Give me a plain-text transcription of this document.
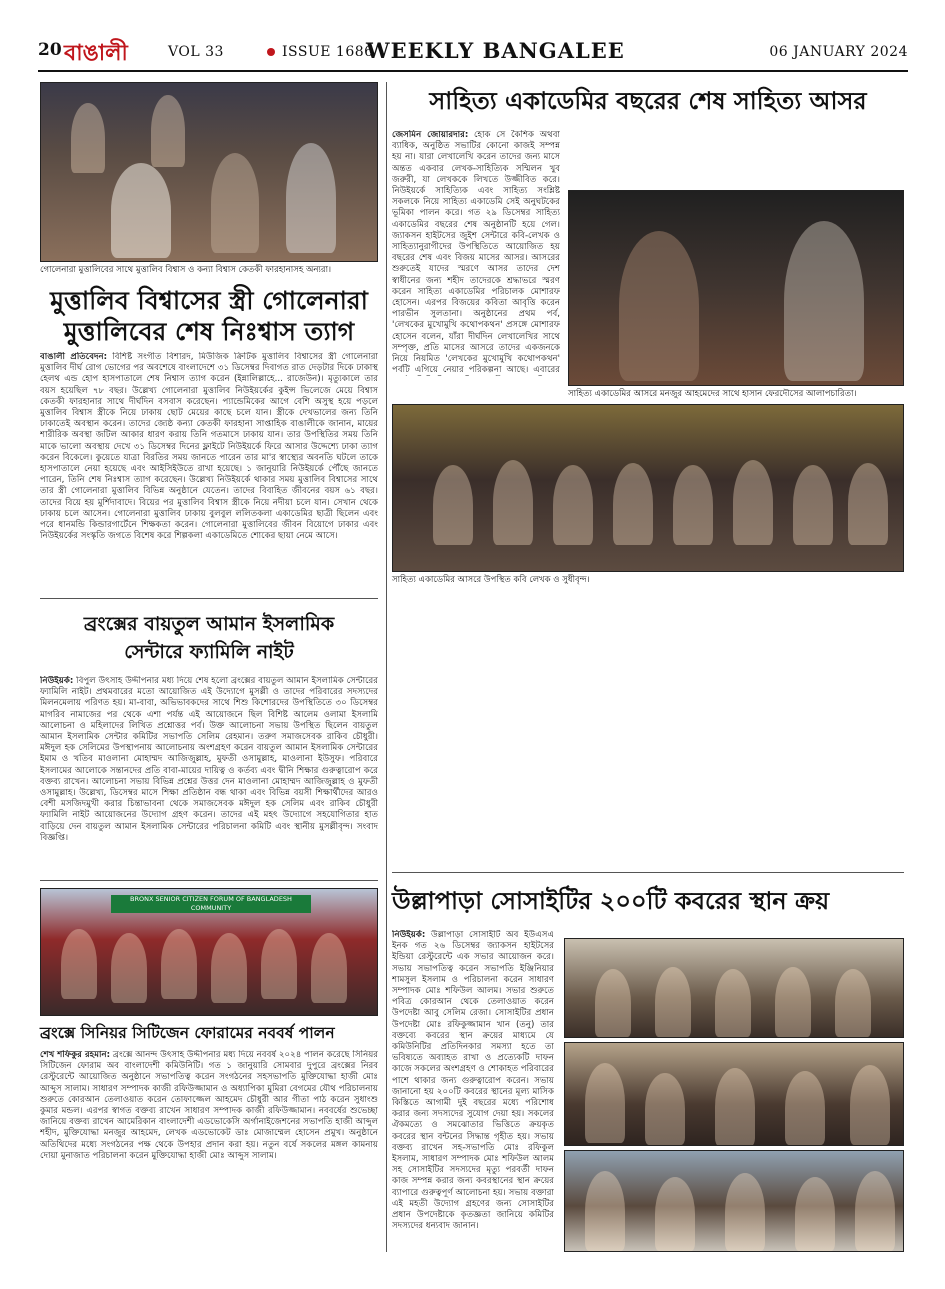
20 বাঙালী	VOL 33	ISSUE 1686
WEEKLY BANGALEE	06 JANUARY 2024
গোলেনারা মুত্তালিবের সাথে মুত্তালিব বিশ্বাস ও কন্যা বিশ্বাস কেতকী ফারহানাসহ অন্যরা।
মুত্তালিব বিশ্বাসের স্ত্রী গোলেনারা
মুত্তালিবের শেষ নিঃশ্বাস ত্যাগ
বাঙালী প্রতিবেদন: বিশিষ্ট সংগীত বিশারদ, মিউজিক ক্রিটিক মুত্তালিব বিশ্বাসের স্ত্রী গোলেনারা মুত্তালিব দীর্ঘ রোগ ভোগের পর অবশেষে বাংলাদেশে ৩১ ডিসেম্বর দিবাগত রাত দেড়টার দিকে ঢাকাস্থ হেলথ এন্ড হোপ হাসপাতালে শেষ নিশ্বাস ত্যাগ করেন (ইন্নালিল্লাহে... রাজেউন)। মৃত্যুকালে তার বয়স হয়েছিল ৭৮ বছর। উল্লেখ্য গোলেনারা মুত্তালিব নিউইয়র্কের কুইন্স ভিলেজে মেয়ে বিশ্বাস কেতকী ফারহানার সাথে দীর্ঘদিন বসবাস করেছেন। প্যান্ডেমিকের আগে বেশি অসুস্থ হয়ে পড়লে মুত্তালিব বিশ্বাস স্ত্রীকে নিয়ে ঢাকায় ছোট মেয়ের কাছে চলে যান। স্ত্রীকে দেখভালের জন্য তিনি ঢাকাতেই অবস্থান করেন। তাদের জ্যেষ্ঠ কন্যা কেতকী ফারহানা সাপ্তাহিক বাঙালীকে জানান, মায়ের শারীরিক অবস্থা জটিল আকার ধারণ করায় তিনি গতমাসে ঢাকায় যান। তার উপস্থিতির সময় তিনি মাকে ভালো অবস্থায় দেখে ৩১ ডিসেম্বর দিনের ফ্লাইটে নিউইয়র্কে ফিরে আসার উদ্দেশ্যে ঢাকা ত্যাগ করেন বিকেলে। কুয়েতে যাত্রা বিরতির সময় জানতে পারেন তার মা'র স্বাস্থ্যের অবনতি ঘটলে তাকে হাসপাতালে নেয়া হয়েছে এবং আইসিইউতে রাখা হয়েছে। ১ জানুয়ারি নিউইয়র্কে পৌঁছে জানতে পারেন, তিনি শেষ নিঃশ্বাস ত্যাগ করেছেন। উল্লেখ্য নিউইয়র্কে থাকার সময় মুত্তালিব বিশ্বাসের সাথে তার স্ত্রী গোলেনারা মুত্তালিব বিভিন্ন অনুষ্ঠানে যেতেন। তাদের বিবাহিত জীবনের বয়স ৬১ বছর। তাদের বিয়ে হয় মুর্শিদাবাদে। বিয়ের পর মুত্তালিব বিশ্বাস স্ত্রীকে নিয়ে নদীয়া চলে যান। সেখান থেকে ঢাকায় চলে আসেন। গোলেনারা মুত্তালিব ঢাকায় বুলবুল ললিতকলা একাডেমির ছাত্রী ছিলেন এবং পরে ধানমন্ডি কিন্ডারগার্টেনে শিক্ষকতা করেন। গোলেনারা মুত্তালিবের জীবন বিয়োগে ঢাকার এবং নিউইয়র্কের সংস্কৃতি জগতে বিশেষ করে শিল্পকলা একাডেমিতে শোকের ছায়া নেমে আসে।
ব্রংক্সের বায়তুল আমান ইসলামিক
সেন্টারে ফ্যামিলি নাইট
নিউইয়র্ক: বিপুল উৎসাহ উদ্দীপনার মধ্য দিয়ে শেষ হলো ব্রংক্সের বায়তুল আমান ইসলামিক সেন্টারের ফ্যামিলি নাইট। প্রথমবারের মতো আয়োজিত এই উদ্যোগে মুসল্লী ও তাদের পরিবারের সদস্যদের মিলনমেলায় পরিণত হয়। মা-বাবা, অভিভাবকদের সাথে শিশু কিশোরদের উপস্থিতিতে ৩০ ডিসেম্বর মাগরিব নামাজের পর থেকে এশা পর্যন্ত এই আয়োজনে ছিল বিশিষ্ট আলেম ওলামা ইসলামি আলোচনা ও মহিলাদের লিখিত প্রশ্নোত্তর পর্ব। উক্ত আলোচনা সভায় উপস্থিত ছিলেন বায়তুল আমান ইসলামিক সেন্টার কমিটির সভাপতি সেলিম রেহমান। তরুণ সমাজসেবক রাকিব চৌধুরী। মঈদুল হক সেলিমের উপস্থাপনায় আলোচনায় অংশগ্রহণ করেন বায়তুল আমান ইসলামিক সেন্টারের ইমাম ও খতিব মাওলানা মোহাম্মদ আজিজুল্লাহ, মুফতী ওসামুল্লাহ, মাওলানা ইউসুফ। পরিবারে ইসলামের আলোকে সন্তানদের প্রতি বাবা-মায়ের দায়িত্ব ও কর্তব্য এবং দ্বীনি শিক্ষার গুরুত্বারোপ করে বক্তব্য রাখেন। আলোচনা সভায় বিভিন্ন প্রশ্নের উত্তর দেন মাওলানা মোহাম্মদ আজিজুল্লাহ ও মুফতী ওসামুল্লাহ। উল্লেখ্য, ডিসেম্বর মাসে শিক্ষা প্রতিষ্ঠান বন্ধ থাকা এবং বিভিন্ন বয়সী শিক্ষার্থীদের আরও বেশী মসজিদমুখী করার চিন্তাভাবনা থেকে সমাজসেবক মঈদুল হক সেলিম এবং রাকিব চৌধুরী ফ্যামিলি নাইট আয়োজনের উদ্যোগ গ্রহণ করেন। তাদের এই মহৎ উদ্যোগে সহযোগিতার হাত বাড়িয়ে দেন বায়তুল আমান ইসলামিক সেন্টারের পরিচালনা কমিটি এবং স্থানীয় মুসল্লীবৃন্দ। সংবাদ বিজ্ঞপ্তি।
BRONX SENIOR CITIZEN FORUM OF BANGLADESH COMMUNITY
ব্রংক্সে সিনিয়র সিটিজেন ফোরামের নববর্ষ পালন
শেখ শফিকুর রহমান: ব্রংক্সে আনন্দ উৎসাহ উদ্দীপনার মধ্য দিয়ে নববর্ষ ২০২৪ পালন করেছে সিনিয়র সিটিজেন ফোরাম অব বাংলাদেশী কমিউনিটি। গত ১ জানুয়ারি সোমবার দুপুরে ব্রংক্সের নিরব রেস্টুরেন্টে আয়োজিত অনুষ্ঠানে সভাপতিত্ব করেন সংগঠনের সহসভাপতি মুক্তিযোদ্ধা হাজী মোঃ আব্দুস সালাম। সাধারণ সম্পাদক কাজী রফিউজ্জামান ও অধ্যাপিকা মুমিরা বেগমের যৌথ পরিচালনায় শুরুতে কোরআন তেলাওয়াত করেন তোফাজ্জেল আহমেদ চৌধুরী আর গীতা পাঠ করেন সুধাংশু কুমার মন্ডল। এরপর স্বাগত বক্তব্য রাখেন সাধারণ সম্পাদক কাজী রফিউজ্জামান। নববর্ষের শুভেচ্ছা জানিয়ে বক্তব্য রাখেন আমেরিকান বাংলাদেশী এডভোকেসি অর্গানাইজেশনের সভাপতি হাজী আব্দুল শহীদ, মুক্তিযোদ্ধা মনজুর আহমেদ, লেখক এডভোকেট ডাঃ মোজাম্মেল হোসেন প্রমুখ। অনুষ্ঠানে অতিথিদের মধ্যে সংগঠনের পক্ষ থেকে উপহার প্রদান করা হয়। নতুন বর্ষে সকলের মঙ্গল কামনায় দোয়া মুনাজাত পরিচালনা করেন মুক্তিযোদ্ধা হাজী মোঃ আব্দুস সালাম।
সাহিত্য একাডেমির বছরের শেষ সাহিত্য আসর
জেসমিন জোয়ারদার: হোক সে কৈশিক অথবা ব্যাধিক, অনুষ্ঠিত সভাটির কোনো কাজই সম্পন্ন হয় না। যারা লেখালেখি করেন তাদের জন্য মাসে অন্তত একবার লেখক-সাহিত্যিক সম্মিলন খুব জরুরী, যা লেখককে লিখতে উজ্জীবিত করে। নিউইয়র্কে সাহিত্যিক এবং সাহিত্য সংশ্লিষ্ট সকলকে নিয়ে সাহিত্য একাডেমি সেই অনুঘটকের ভূমিকা পালন করে। গত ২৯ ডিসেম্বর সাহিত্য একাডেমির বছরের শেষ অনুষ্ঠানটি হয়ে গেল। জ্যাকসন হাইটসের জুইশ সেন্টারে কবি-লেখক ও সাহিত্যানুরাগীদের উপস্থিতিতে আয়োজিত হয় বছরের শেষ এবং বিজয় মাসের আসর। আসরের শুরুতেই যাদের স্মরণে আসর তাদের দেশ স্বাধীনের জন্য শহীদ তাদেরকে শ্রদ্ধাভরে স্মরণ করেন সাহিত্য একাডেমির পরিচালক মোশারফ হোসেন। এরপর বিজয়ের কবিতা আবৃত্তি করেন পারভীন সুলতানা। অনুষ্ঠানের প্রথম পর্ব, 'লেখকের মুখোমুখি কথোপকথন' প্রসঙ্গে মোশারফ হোসেন বলেন, যাঁরা দীর্ঘদিন লেখালেখির সাথে সম্পৃক্ত, প্রতি মাসের আসরে তাদের একজনকে নিয়ে নিয়মিত 'লেখকের মুখোমুখি কথোপকথন' পর্বটি এগিয়ে নেয়ার পরিকল্পনা আছে। এবারের
সাহিত্য একাডেমির আসরে মনজুর আহমেদের সাথে হাসান ফেরদৌসের আলাপচারিতা।
সাহিত্য একাডেমির আসরে উপস্থিত কবি লেখক ও সুধীবৃন্দ।
উল্লাপাড়া সোসাইটির ২০০টি কবরের স্থান ক্রয়
নিউইয়র্ক: উল্লাপাড়া সোসাইটি অব ইউএসএ ইনক গত ২৬ ডিসেম্বর জ্যাকসন হাইটসের ইন্ডিয়া রেস্টুরেন্টে এক সভার আয়োজন করে। সভায় সভাপতিত্ব করেন সভাপতি ইঞ্জিনিয়ার শামসুল ইসলাম ও পরিচালনা করেন সাধারণ সম্পাদক মোঃ শফিউল আলম। সভার শুরুতে পবিত্র কোরআন থেকে তেলাওয়াত করেন উপদেষ্টা আবু সেলিম রেজা। সোসাইটির প্রধান উপদেষ্টা মোঃ রফিকুজ্জামান খান (তনু) তার বক্তব্যে কবরের স্থান ক্রয়ের মাধ্যমে যে কমিউনিটির প্রতিদিনকার সমস্যা হতে তা ভবিষ্যতে অব্যাহত রাখা ও প্রত্যেকটি দাফন কাজে সকলের অংশগ্রহণ ও শোকাহত পরিবারের পাশে থাকার জন্য গুরুত্বারোপ করেন। সভায় জানানো হয় ২০০টি কবরের স্থানের মূল্য মাসিক কিস্তিতে আগামী দুই বছরের মধ্যে পরিশোধ করার জন্য সদস্যদের সুযোগ দেয়া হয়। সকলের ঐকমত্যে ও সমঝোতার ভিত্তিতে ক্রয়কৃত কবরের স্থান বন্টনের সিদ্ধান্ত গৃহীত হয়। সভায় বক্তব্য রাখেন সহ-সভাপতি মোঃ রফিকুল ইসলাম, সাধারণ সম্পাদক মোঃ শফিউল আলম সহ সোসাইটির সদস্যদের মৃত্যু পরবর্তী দাফন কাজ সম্পন্ন করার জন্য কবরস্থানের স্থান ক্রয়ের ব্যাপারে গুরুত্বপূর্ণ আলোচনা হয়। সভায় বক্তারা এই মহতী উদ্যোগ গ্রহণের জন্য সোসাইটির প্রধান উপদেষ্টাকে কৃতজ্ঞতা জানিয়ে কমিটির সদস্যদের ধন্যবাদ জানান।
